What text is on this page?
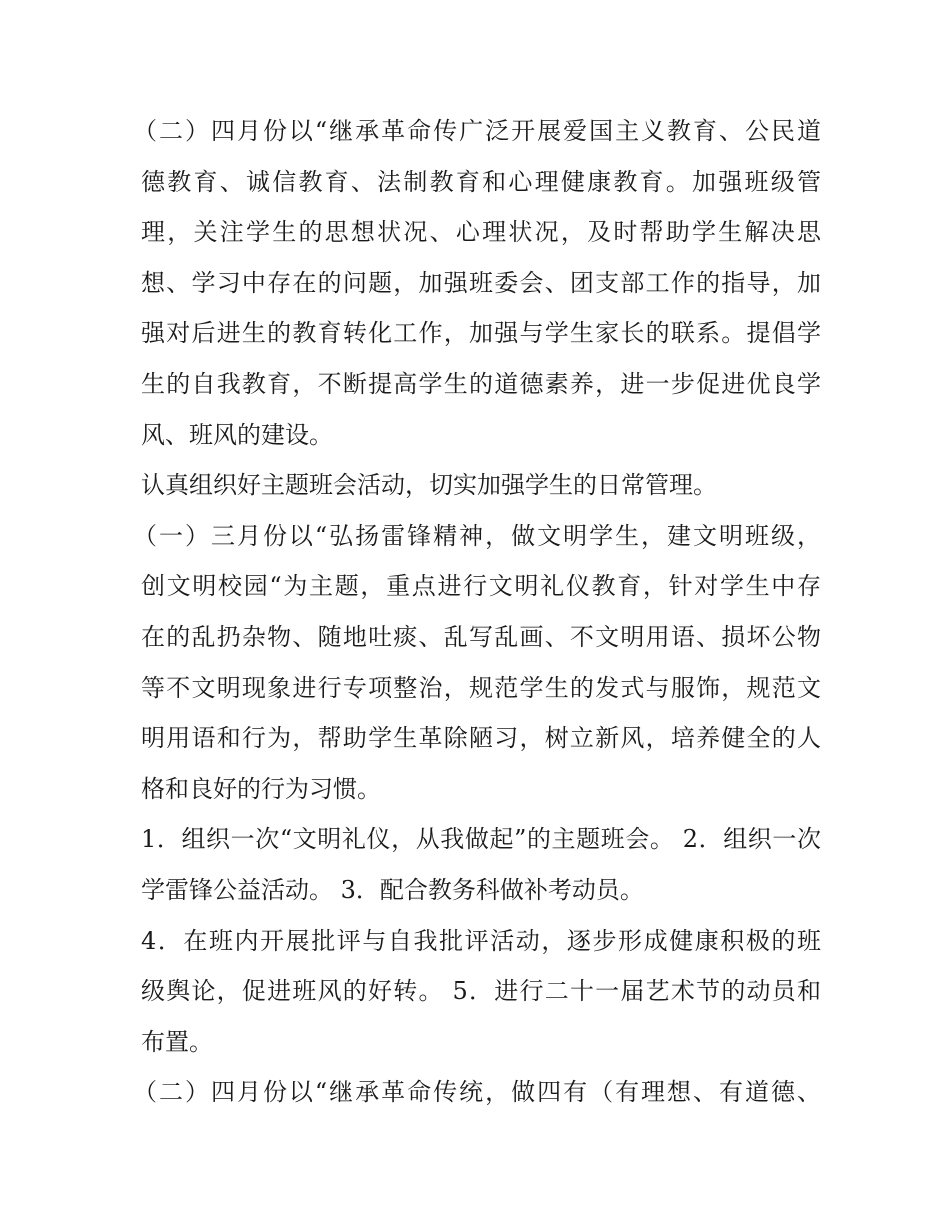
（二）四月份以“继承革命传广泛开展爱国主义教育、公民道
德教育、诚信教育、法制教育和心理健康教育。加强班级管
理，关注学生的思想状况、心理状况，及时帮助学生解决思
想、学习中存在的问题，加强班委会、团支部工作的指导，加
强对后进生的教育转化工作，加强与学生家长的联系。提倡学
生的自我教育，不断提高学生的道德素养，进一步促进优良学
风、班风的建设。
认真组织好主题班会活动，切实加强学生的日常管理。
（一）三月份以“弘扬雷锋精神，做文明学生，建文明班级，
创文明校园“为主题，重点进行文明礼仪教育，针对学生中存
在的乱扔杂物、随地吐痰、乱写乱画、不文明用语、损坏公物
等不文明现象进行专项整治，规范学生的发式与服饰，规范文
明用语和行为，帮助学生革除陋习，树立新风，培养健全的人
格和良好的行为习惯。
1．组织一次“文明礼仪，从我做起”的主题班会。 2．组织一次
学雷锋公益活动。 3．配合教务科做补考动员。
4．在班内开展批评与自我批评活动，逐步形成健康积极的班
级舆论，促进班风的好转。 5．进行二十一届艺术节的动员和
布置。
（二）四月份以“继承革命传统，做四有（有理想、有道德、
